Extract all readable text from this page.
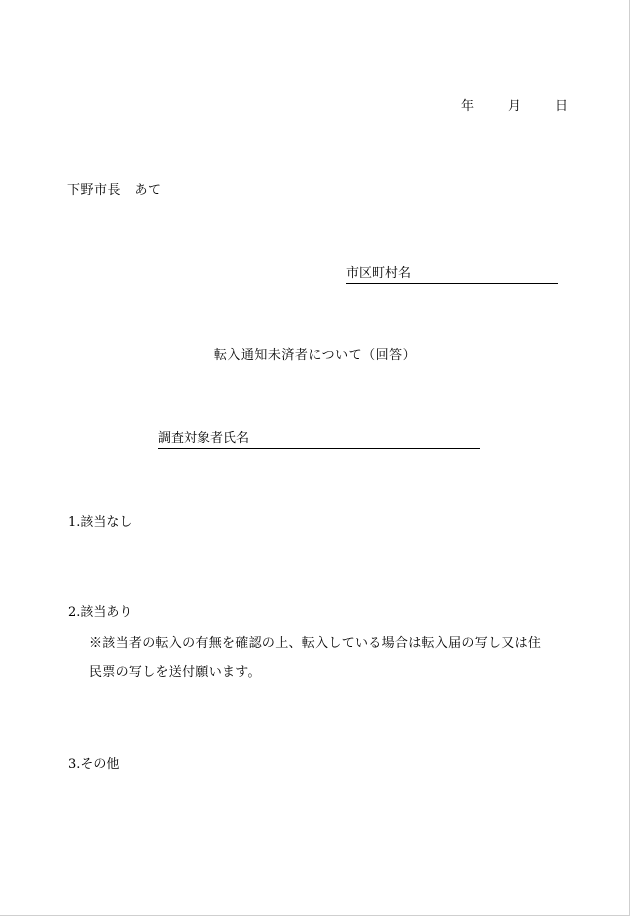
年	月	日
下野市長　あて
市区町村名
転入通知未済者について（回答）
調査対象者氏名
1.該当なし
2.該当あり
※該当者の転入の有無を確認の上、転入している場合は転入届の写し又は住
民票の写しを送付願います。
3.その他
